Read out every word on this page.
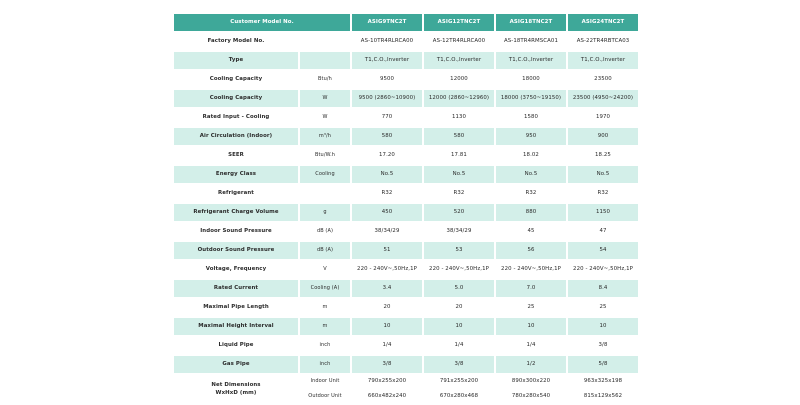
Customer Model No.		ASIG9TNC2T	ASIG12TNC2T	ASIG18TNC2T	ASIG24TNC2T
Factory Model No.		AS-10TR4RLRCA00	AS-12TR4RLRCA00	AS-18TR4RMSCA01	AS-22TR4RBTCA03
Type		T1,C.O.,Inverter	T1,C.O.,Inverter	T1,C.O.,Inverter	T1,C.O.,Inverter
Cooling Capacity	Btu/h	9500	12000	18000	23500
Cooling Capacity	W	9500 (2860~10900)	12000 (2860~12960)	18000 (3750~19150)	23500 (4950~24200)
Rated Input - Cooling	W	770	1130	1580	1970
Air Circulation (Indoor)	m³/h	580	580	950	900
SEER	Btu/W.h	17.20	17.81	18.02	18.25
Energy Class	Cooling	No.5	No.5	No.5	No.5
Refrigerant		R32	R32	R32	R32
Refrigerant Charge Volume	g	450	520	880	1150
Indoor Sound Pressure	dB (A)	38/34/29	38/34/29	45	47
Outdoor Sound Pressure	dB (A)	51	53	56	54
Voltage, Frequency	V	220 - 240V~,50Hz,1P	220 - 240V~,50Hz,1P	220 - 240V~,50Hz,1P	220 - 240V~,50Hz,1P
Rated Current	Cooling (A)	3.4	5.0	7.0	8.4
Maximal Pipe Length	m	20	20	25	25
Maximal Height Interval	m	10	10	10	10
Liquid Pipe	inch	1/4	1/4	1/4	3/8
Gas Pipe	inch	3/8	3/8	1/2	5/8

Net Dimensions
WxHxD (mm)	Indoor Unit	790x255x200	791x255x200	890x300x220	963x325x198
	Outdoor Unit	660x482x240	670x280x468	780x280x540	815x129x562
